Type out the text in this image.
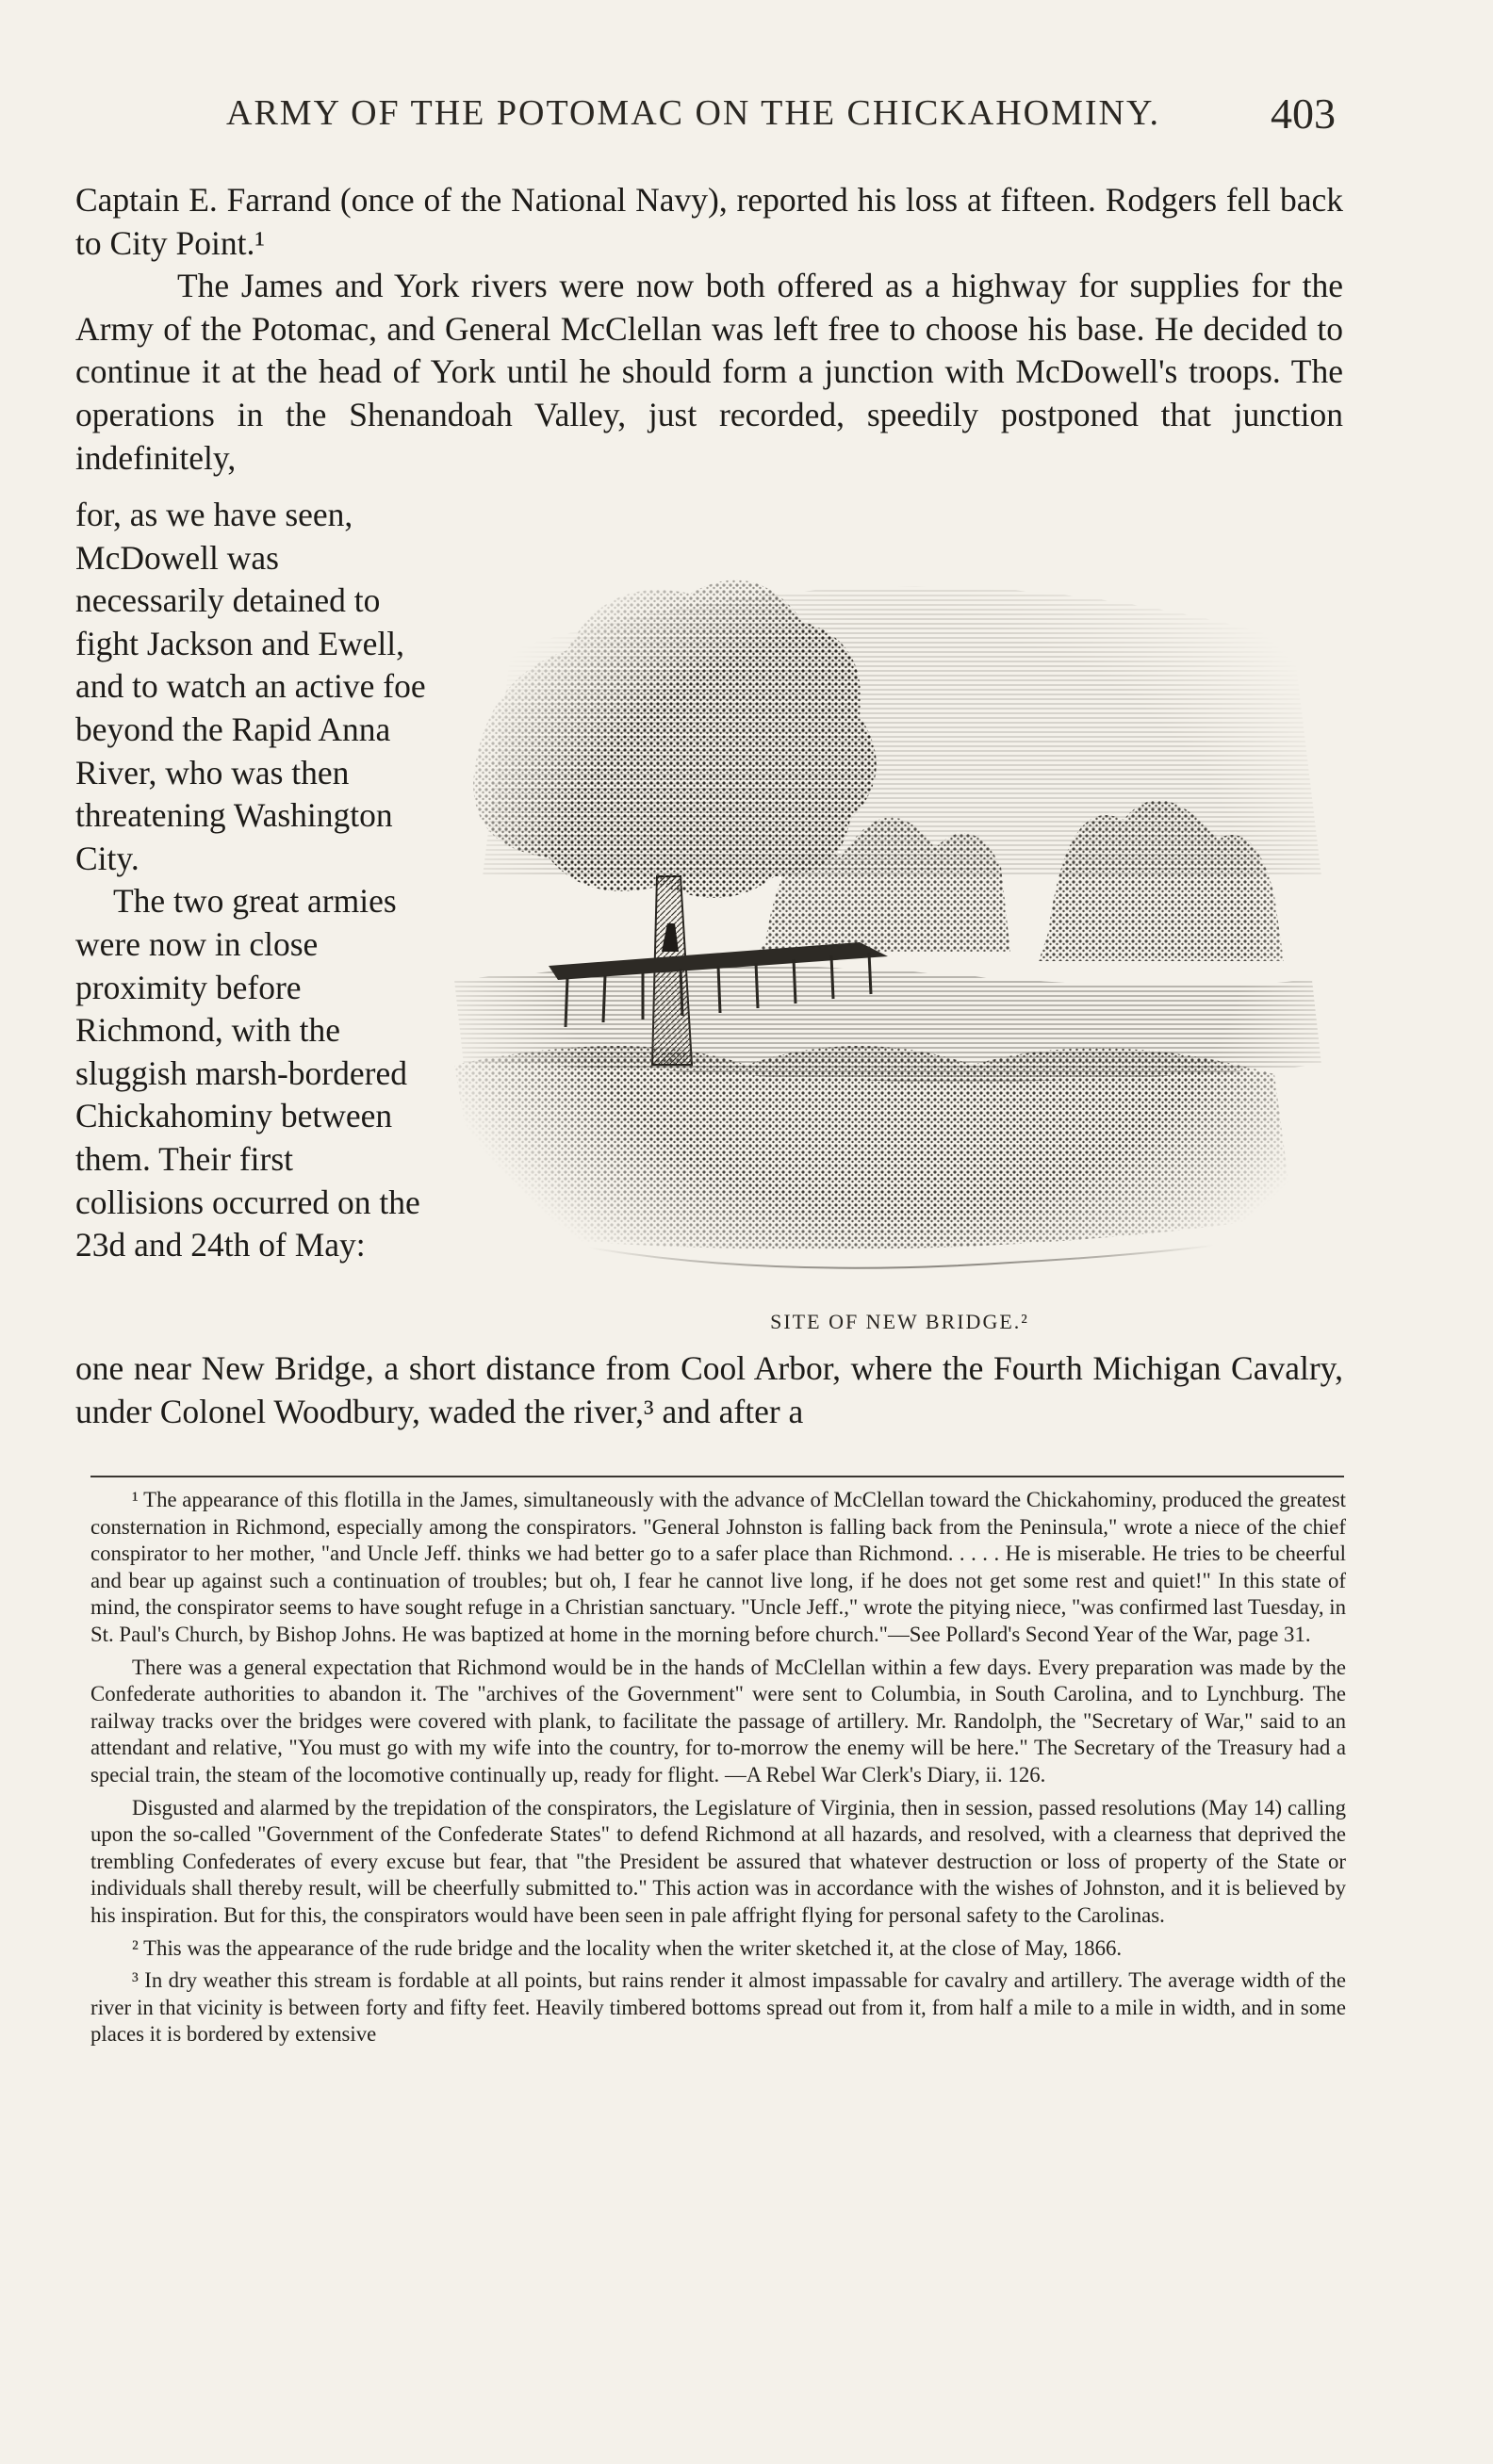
ARMY OF THE POTOMAC ON THE CHICKAHOMINY.	403

Captain E. Farrand (once of the National Navy), reported his loss at fifteen. Rodgers fell back to City Point.¹

The James and York rivers were now both offered as a highway for supplies for the Army of the Potomac, and General McClellan was left free to choose his base. He decided to continue it at the head of York until he should form a junction with McDowell's troops. The operations in the Shenandoah Valley, just recorded, speedily postponed that junction indefinitely,

for, as we have seen, McDowell was necessarily detained to fight Jackson and Ewell, and to watch an active foe beyond the Rapid Anna River, who was then threatening Washington City.

The two great armies were now in close proximity before Richmond, with the sluggish marsh-bordered Chickahominy between them. Their first collisions occurred on the 23d and 24th of May:

SITE OF NEW BRIDGE.²

one near New Bridge, a short distance from Cool Arbor, where the Fourth Michigan Cavalry, under Colonel Woodbury, waded the river,³ and after a

¹ The appearance of this flotilla in the James, simultaneously with the advance of McClellan toward the Chickahominy, produced the greatest consternation in Richmond, especially among the conspirators. "General Johnston is falling back from the Peninsula," wrote a niece of the chief conspirator to her mother, "and Uncle Jeff. thinks we had better go to a safer place than Richmond. . . . . He is miserable. He tries to be cheerful and bear up against such a continuation of troubles; but oh, I fear he cannot live long, if he does not get some rest and quiet!" In this state of mind, the conspirator seems to have sought refuge in a Christian sanctuary. "Uncle Jeff.," wrote the pitying niece, "was confirmed last Tuesday, in St. Paul's Church, by Bishop Johns. He was baptized at home in the morning before church."—See Pollard's Second Year of the War, page 31.

There was a general expectation that Richmond would be in the hands of McClellan within a few days. Every preparation was made by the Confederate authorities to abandon it. The "archives of the Government" were sent to Columbia, in South Carolina, and to Lynchburg. The railway tracks over the bridges were covered with plank, to facilitate the passage of artillery. Mr. Randolph, the "Secretary of War," said to an attendant and relative, "You must go with my wife into the country, for to-morrow the enemy will be here." The Secretary of the Treasury had a special train, the steam of the locomotive continually up, ready for flight. —A Rebel War Clerk's Diary, ii. 126.

Disgusted and alarmed by the trepidation of the conspirators, the Legislature of Virginia, then in session, passed resolutions (May 14) calling upon the so-called "Government of the Confederate States" to defend Richmond at all hazards, and resolved, with a clearness that deprived the trembling Confederates of every excuse but fear, that "the President be assured that whatever destruction or loss of property of the State or individuals shall thereby result, will be cheerfully submitted to." This action was in accordance with the wishes of Johnston, and it is believed by his inspiration. But for this, the conspirators would have been seen in pale affright flying for personal safety to the Carolinas.

² This was the appearance of the rude bridge and the locality when the writer sketched it, at the close of May, 1866.

³ In dry weather this stream is fordable at all points, but rains render it almost impassable for cavalry and artillery. The average width of the river in that vicinity is between forty and fifty feet. Heavily timbered bottoms spread out from it, from half a mile to a mile in width, and in some places it is bordered by extensive
